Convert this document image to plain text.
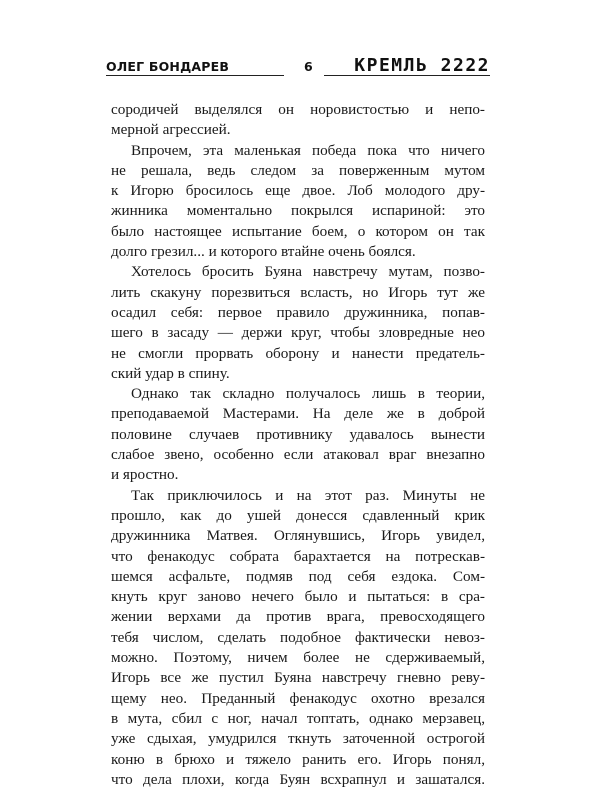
ОЛЕГ БОНДАРЕВ	6 КРЕМЛЬ 2222
сородичей выделялся он норовистостью и непо-
мерной агрессией.
Впрочем, эта маленькая победа пока что ничего
не решала, ведь следом за поверженным мутом
к Игорю бросилось еще двое. Лоб молодого дру-
жинника моментально покрылся испариной: это
было настоящее испытание боем, о котором он так
долго грезил... и которого втайне очень боялся.
Хотелось бросить Буяна навстречу мутам, позво-
лить скакуну порезвиться всласть, но Игорь тут же
осадил себя: первое правило дружинника, попав-
шего в засаду — держи круг, чтобы зловредные нео
не смогли прорвать оборону и нанести предатель-
ский удар в спину.
Однако так складно получалось лишь в теории,
преподаваемой Мастерами. На деле же в доброй
половине случаев противнику удавалось вынести
слабое звено, особенно если атаковал враг внезапно
и яростно.
Так приключилось и на этот раз. Минуты не
прошло, как до ушей донесся сдавленный крик
дружинника Матвея. Оглянувшись, Игорь увидел,
что фенакодус собрата барахтается на потрескав-
шемся асфальте, подмяв под себя ездока. Сом-
кнуть круг заново нечего было и пытаться: в сра-
жении верхами да против врага, превосходящего
тебя числом, сделать подобное фактически невоз-
можно. Поэтому, ничем более не сдерживаемый,
Игорь все же пустил Буяна навстречу гневно реву-
щему нео. Преданный фенакодус охотно врезался
в мута, сбил с ног, начал топтать, однако мерзавец,
уже сдыхая, умудрился ткнуть заточенной острогой
коню в брюхо и тяжело ранить его. Игорь понял,
что дела плохи, когда Буян всхрапнул и зашатался.
